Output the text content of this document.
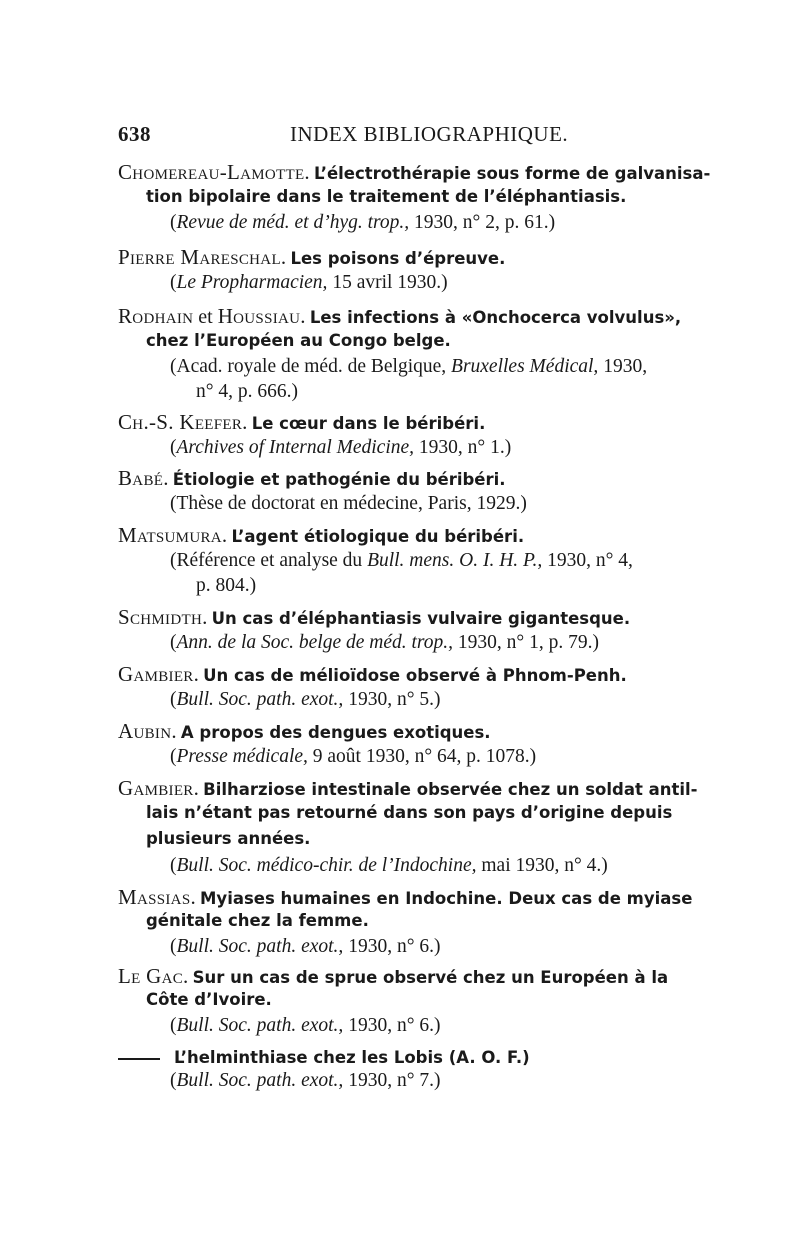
638	INDEX BIBLIOGRAPHIQUE.
Chomereau-Lamotte. L’électrothérapie sous forme de galvanisa-
tion bipolaire dans le traitement de l’éléphantiasis.
(Revue de méd. et d’hyg. trop., 1930, n° 2, p. 61.)
Pierre Mareschal. Les poisons d’épreuve.
(Le Propharmacien, 15 avril 1930.)
Rodhain et Houssiau. Les infections à «Onchocerca volvulus»,
chez l’Européen au Congo belge.
(Acad. royale de méd. de Belgique, Bruxelles Médical, 1930,
n° 4, p. 666.)
Ch.-S. Keefer. Le cœur dans le béribéri.
(Archives of Internal Medicine, 1930, n° 1.)
Babé. Étiologie et pathogénie du béribéri.
(Thèse de doctorat en médecine, Paris, 1929.)
Matsumura. L’agent étiologique du béribéri.
(Référence et analyse du Bull. mens. O. I. H. P., 1930, n° 4,
p. 804.)
Schmidth. Un cas d’éléphantiasis vulvaire gigantesque.
(Ann. de la Soc. belge de méd. trop., 1930, n° 1, p. 79.)
Gambier. Un cas de mélioïdose observé à Phnom-Penh.
(Bull. Soc. path. exot., 1930, n° 5.)
Aubin. A propos des dengues exotiques.
(Presse médicale, 9 août 1930, n° 64, p. 1078.)
Gambier. Bilharziose intestinale observée chez un soldat antil-
lais n’étant pas retourné dans son pays d’origine depuis
plusieurs années.
(Bull. Soc. médico-chir. de l’Indochine, mai 1930, n° 4.)
Massias. Myiases humaines en Indochine. Deux cas de myiase
génitale chez la femme.
(Bull. Soc. path. exot., 1930, n° 6.)
Le Gac. Sur un cas de sprue observé chez un Européen à la
Côte d’Ivoire.
(Bull. Soc. path. exot., 1930, n° 6.)
L’helminthiase chez les Lobis (A. O. F.)
(Bull. Soc. path. exot., 1930, n° 7.)
